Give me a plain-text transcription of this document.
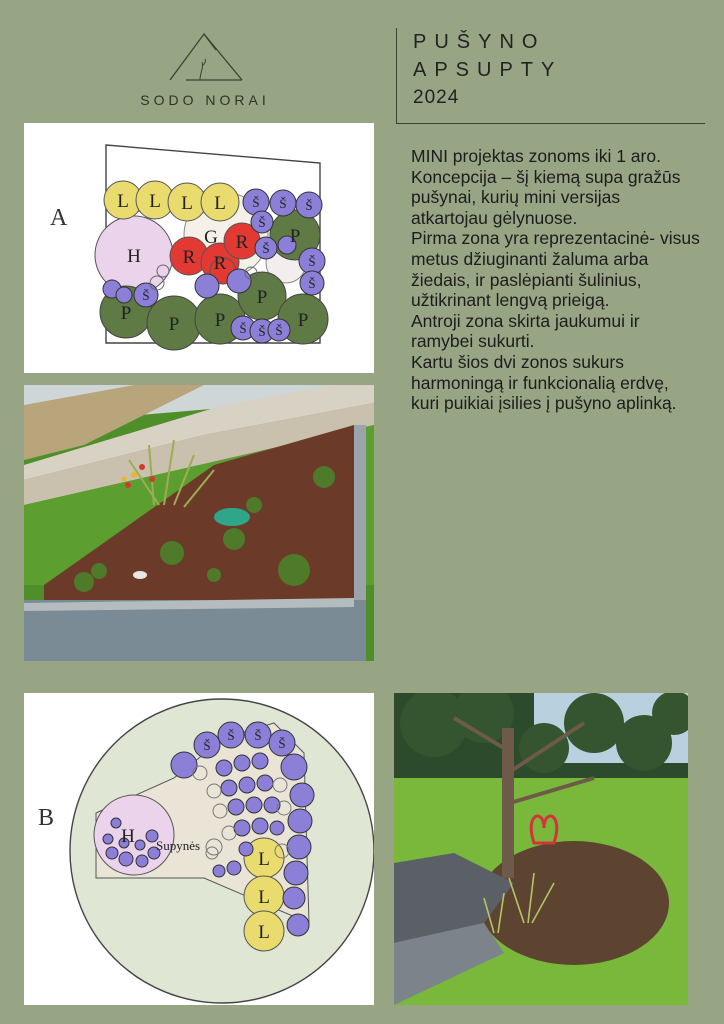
SODO NORAI
PUŠYNO
APSUPTY
2024
MINI projektas zonoms iki 1 aro. Koncepcija – šį kiemą supa gražūs pušynai, kurių mini versijas atkartojau gėlynuose.
Pirma zona yra reprezentacinė- visus metus džiuginanti žaluma arba žiedais, ir paslėpianti šulinius, užtikrinant lengvą prieigą.
Antroji zona skirta jaukumui ir ramybei sukurti.
Kartu šios dvi zonos sukurs harmoningą ir funkcionalią erdvę, kuri puikiai įsilies į pušyno aplinką.
A
L L L L
H
G
R R
R P
P
P P
P
P
Š Š Š
Š
Š
Š
Š Š Š
Š
Š
B
H
L
L
L
Š
Š Š
Š
Supynės
